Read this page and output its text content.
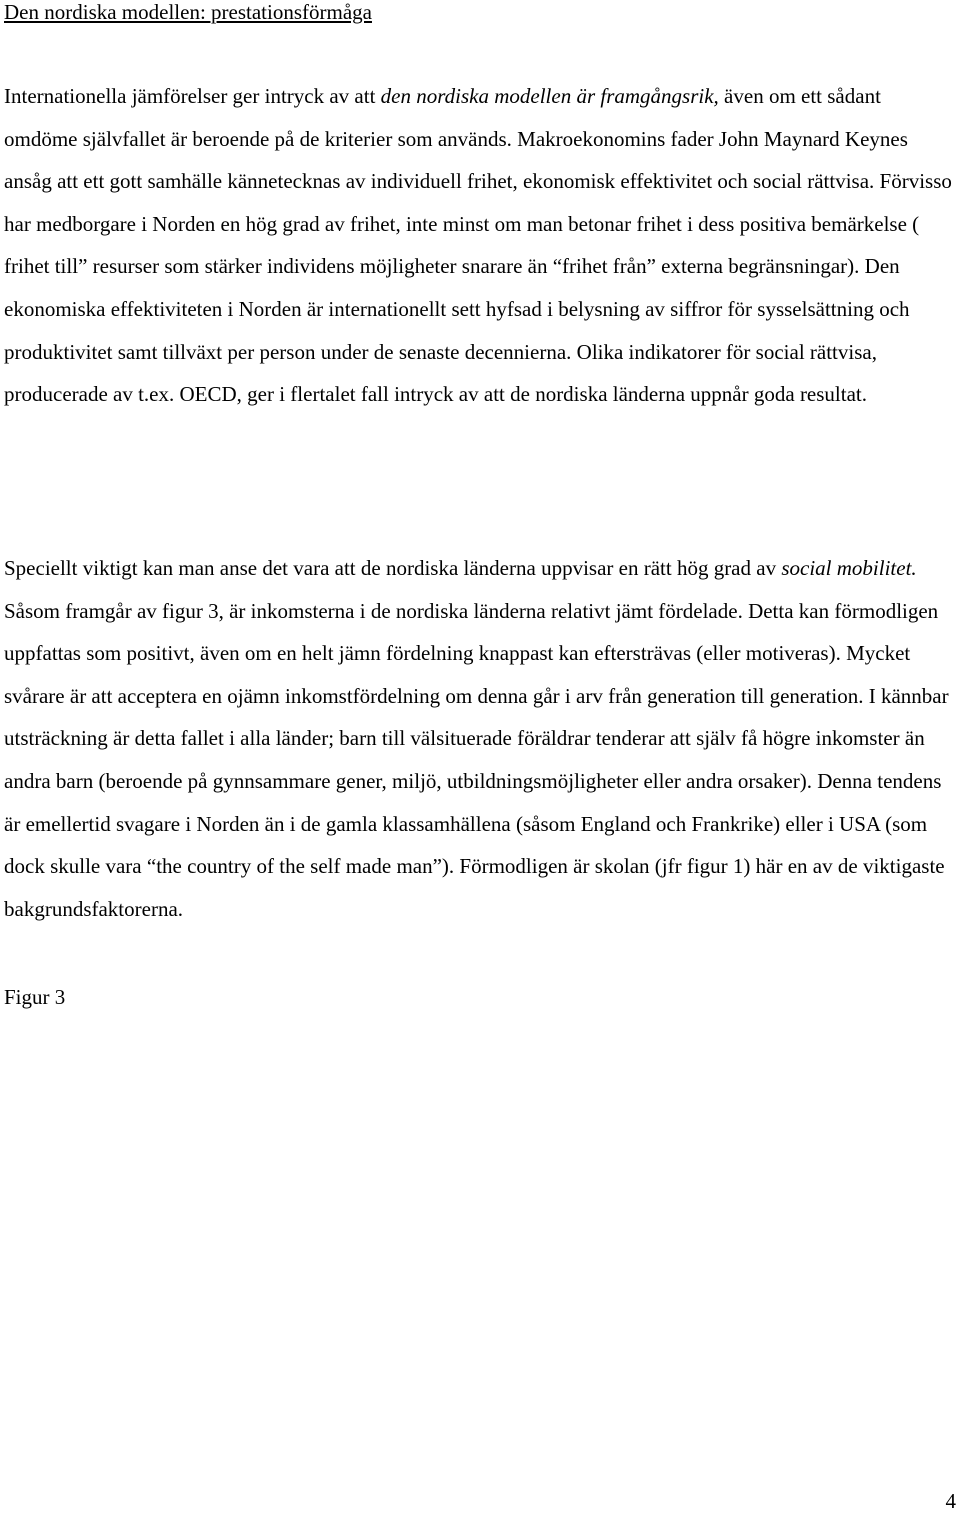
Den nordiska modellen: prestationsförmåga

Internationella jämförelser ger intryck av att den nordiska modellen är framgångsrik, även om ett sådant omdöme självfallet är beroende på de kriterier som används. Makroekonomins fader John Maynard Keynes ansåg att ett gott samhälle kännetecknas av individuell frihet, ekonomisk effektivitet och social rättvisa. Förvisso har medborgare i Norden en hög grad av frihet, inte minst om man betonar frihet i dess positiva bemärkelse ( frihet till” resurser som stärker individens möjligheter snarare än “frihet från” externa begränsningar). Den ekonomiska effektiviteten i Norden är internationellt sett hyfsad i belysning av siffror för sysselsättning och produktivitet samt tillväxt per person under de senaste decennierna. Olika indikatorer för social rättvisa, producerade av t.ex. OECD, ger i flertalet fall intryck av att de nordiska länderna uppnår goda resultat.

Speciellt viktigt kan man anse det vara att de nordiska länderna uppvisar en rätt hög grad av social mobilitet. Såsom framgår av figur 3, är inkomsterna i de nordiska länderna relativt jämt fördelade. Detta kan förmodligen uppfattas som positivt, även om en helt jämn fördelning knappast kan eftersträvas (eller motiveras). Mycket svårare är att acceptera en ojämn inkomstfördelning om denna går i arv från generation till generation. I kännbar utsträckning är detta fallet i alla länder; barn till välsituerade föräldrar tenderar att själv få högre inkomster än andra barn (beroende på gynnsammare gener, miljö, utbildningsmöjligheter eller andra orsaker). Denna tendens är emellertid svagare i Norden än i de gamla klassamhällena (såsom England och Frankrike) eller i USA (som dock skulle vara “the country of the self made man”). Förmodligen är skolan (jfr figur 1) här en av de viktigaste bakgrundsfaktorerna.

Figur 3
4
